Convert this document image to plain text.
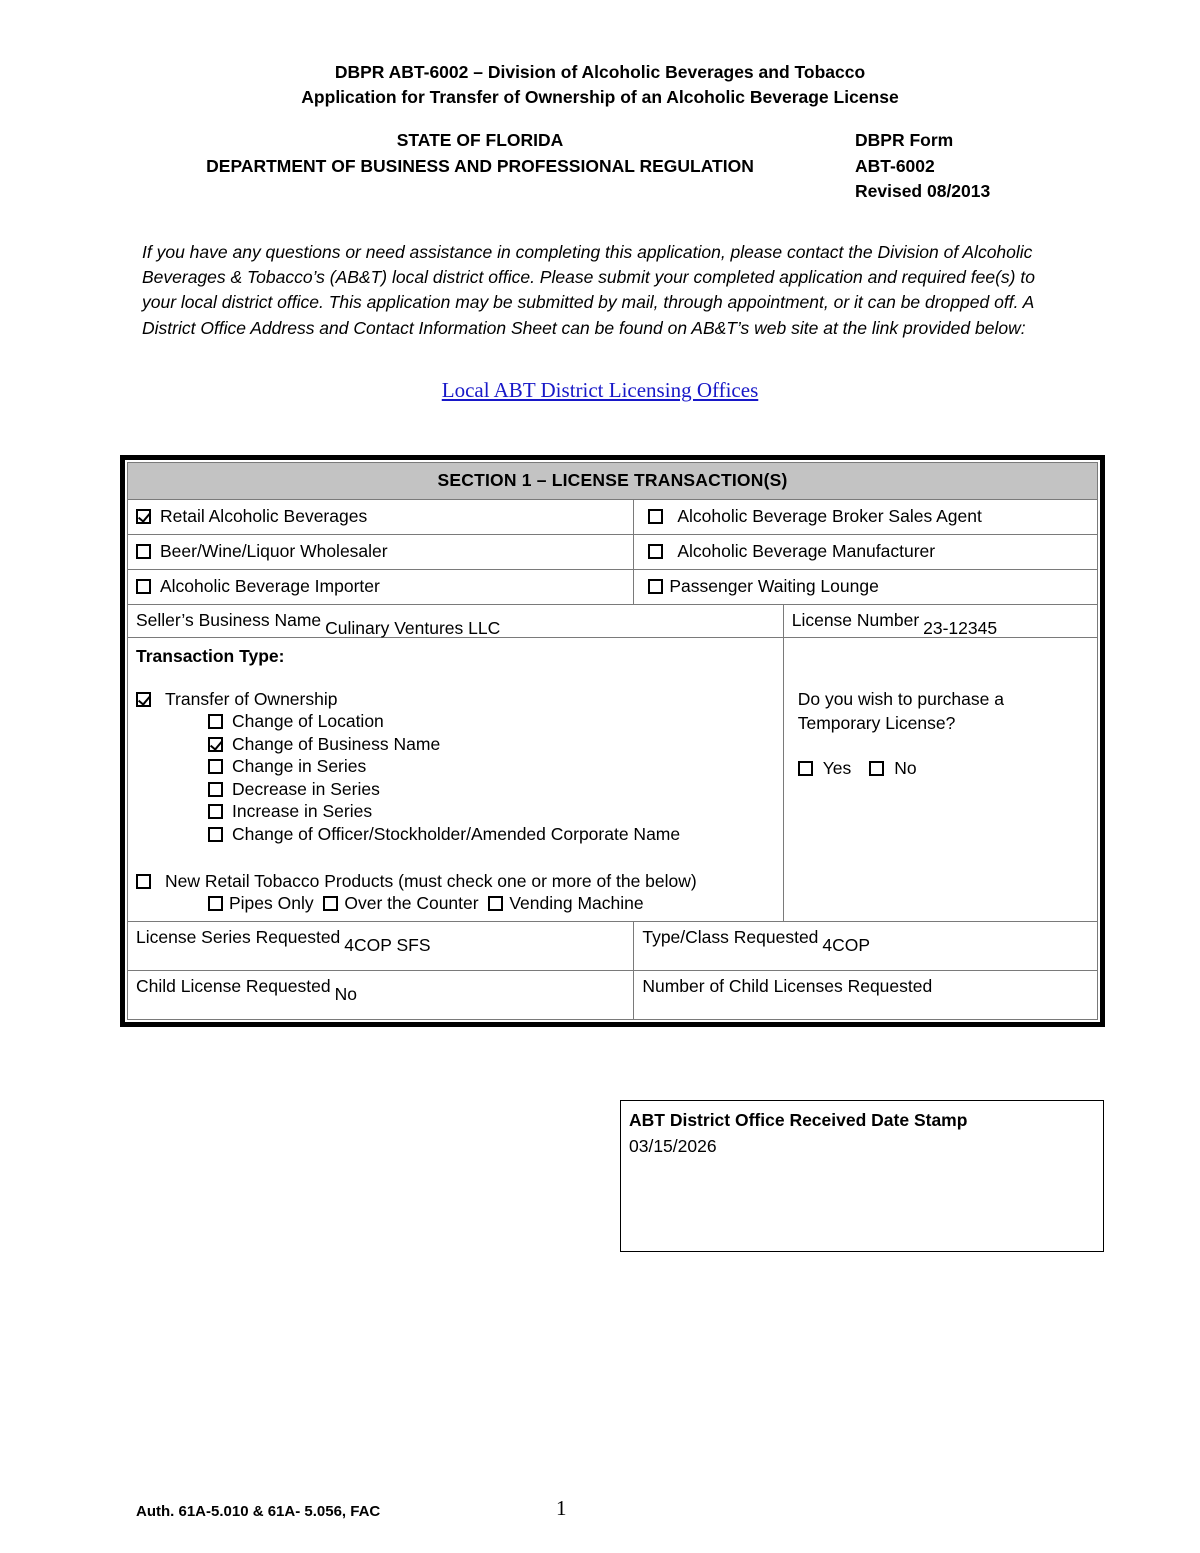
DBPR ABT-6002 – Division of Alcoholic Beverages and Tobacco
Application for Transfer of Ownership of an Alcoholic Beverage License
STATE OF FLORIDA
DEPARTMENT OF BUSINESS AND PROFESSIONAL REGULATION
DBPR Form
ABT-6002
Revised 08/2013
If you have any questions or need assistance in completing this application, please contact the Division of Alcoholic Beverages & Tobacco’s (AB&T) local district office. Please submit your completed application and required fee(s) to your local district office. This application may be submitted by mail, through appointment, or it can be dropped off. A District Office Address and Contact Information Sheet can be found on AB&T’s web site at the link provided below:
Local ABT District Licensing Offices
SECTION 1 – LICENSE TRANSACTION(S)		
Retail Alcoholic Beverages	Alcoholic Beverage Broker Sales Agent	
Beer/Wine/Liquor Wholesaler	Alcoholic Beverage Manufacturer	
Alcoholic Beverage Importer	Passenger Waiting Lounge	
Seller’s Business Name Culinary Ventures LLC		License Number 23-12345

Transaction Type:
Transfer of Ownership
Change of Location
Change of Business Name
Change in Series
Decrease in Series
Increase in Series
Change of Officer/Stockholder/Amended Corporate Name
New Retail Tobacco Products (must check one or more of the below)
Pipes Only Over the Counter Vending Machine

Do you wish to purchase a
Temporary License?
Yes No

License Series Requested 4COP SFS	Type/Class Requested 4COP	
Child License Requested No	Number of Child Licenses Requested	
ABT District Office Received Date Stamp
03/15/2026
Auth. 61A-5.010 & 61A- 5.056, FAC	1
